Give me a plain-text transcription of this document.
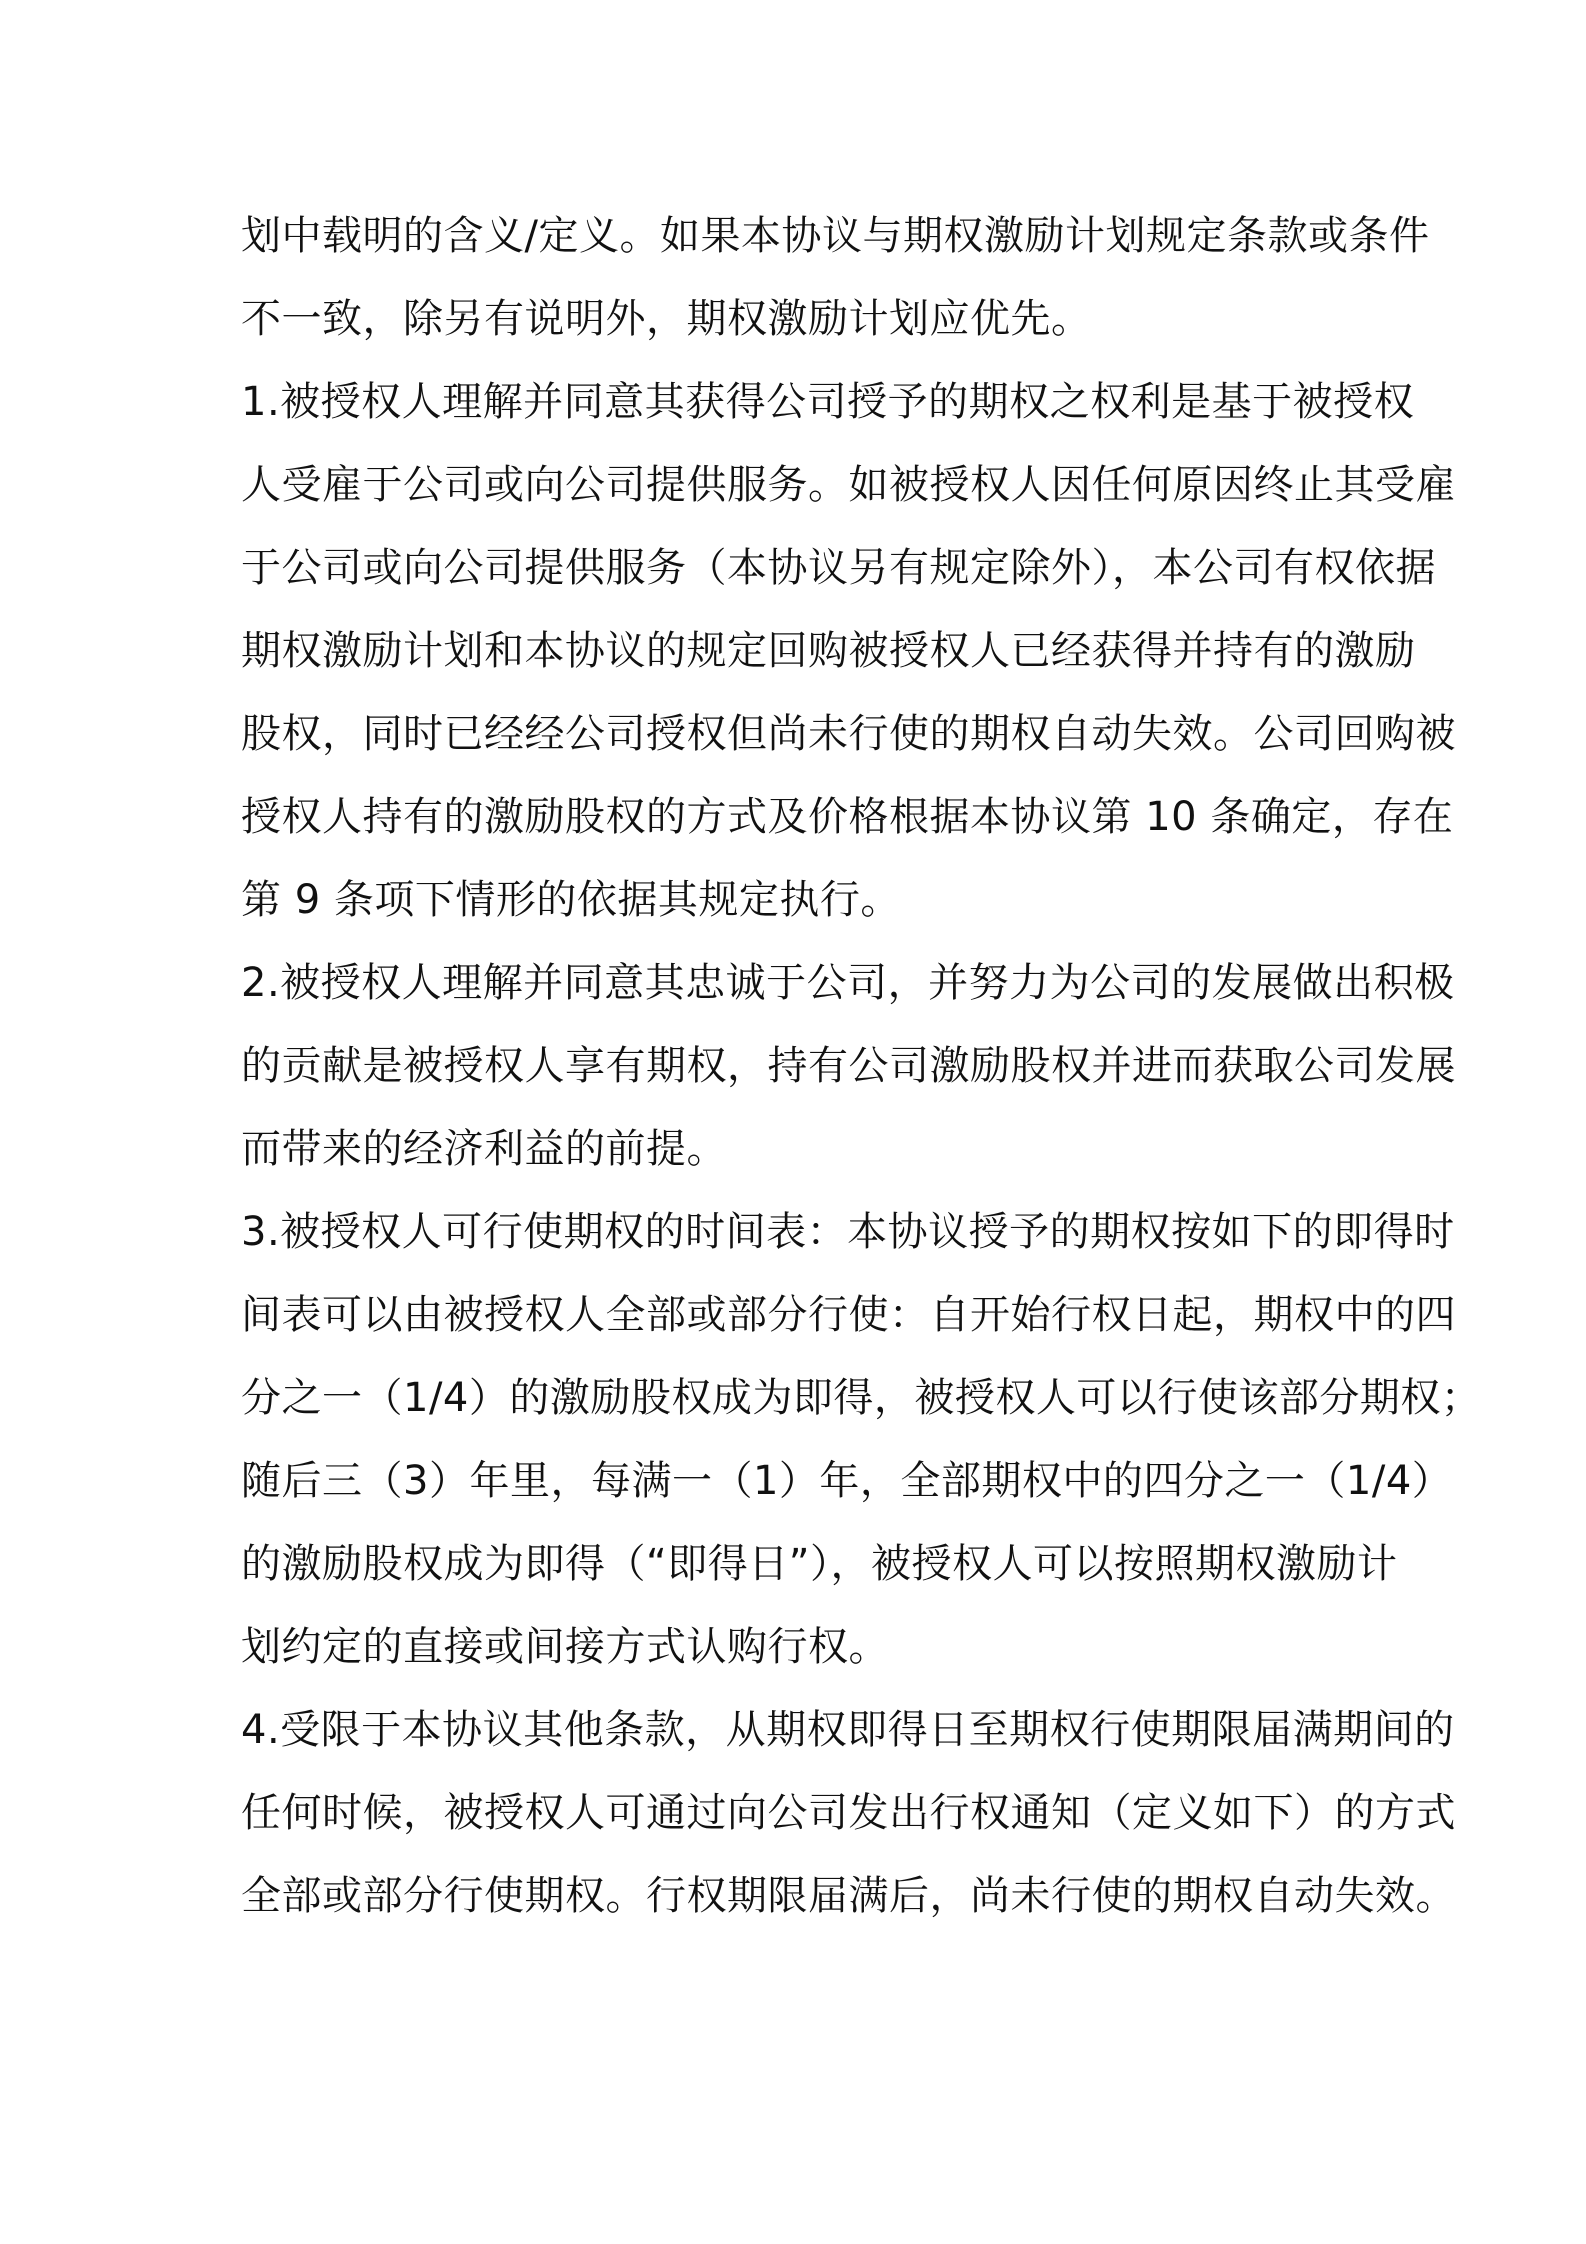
划中载明的含义/定义。如果本协议与期权激励计划规定条款或条件
不一致，除另有说明外，期权激励计划应优先。
1.被授权人理解并同意其获得公司授予的期权之权利是基于被授权
人受雇于公司或向公司提供服务。如被授权人因任何原因终止其受雇
于公司或向公司提供服务（本协议另有规定除外），本公司有权依据
期权激励计划和本协议的规定回购被授权人已经获得并持有的激励
股权，同时已经经公司授权但尚未行使的期权自动失效。公司回购被
授权人持有的激励股权的方式及价格根据本协议第 10 条确定，存在
第 9 条项下情形的依据其规定执行。
2.被授权人理解并同意其忠诚于公司，并努力为公司的发展做出积极
的贡献是被授权人享有期权，持有公司激励股权并进而获取公司发展
而带来的经济利益的前提。
3.被授权人可行使期权的时间表：本协议授予的期权按如下的即得时
间表可以由被授权人全部或部分行使：自开始行权日起，期权中的四
分之一（1/4）的激励股权成为即得，被授权人可以行使该部分期权；
随后三（3）年里，每满一（1）年，全部期权中的四分之一（1/4）
的激励股权成为即得（“即得日”），被授权人可以按照期权激励计
划约定的直接或间接方式认购行权。
4.受限于本协议其他条款，从期权即得日至期权行使期限届满期间的
任何时候，被授权人可通过向公司发出行权通知（定义如下）的方式
全部或部分行使期权。行权期限届满后，尚未行使的期权自动失效。
